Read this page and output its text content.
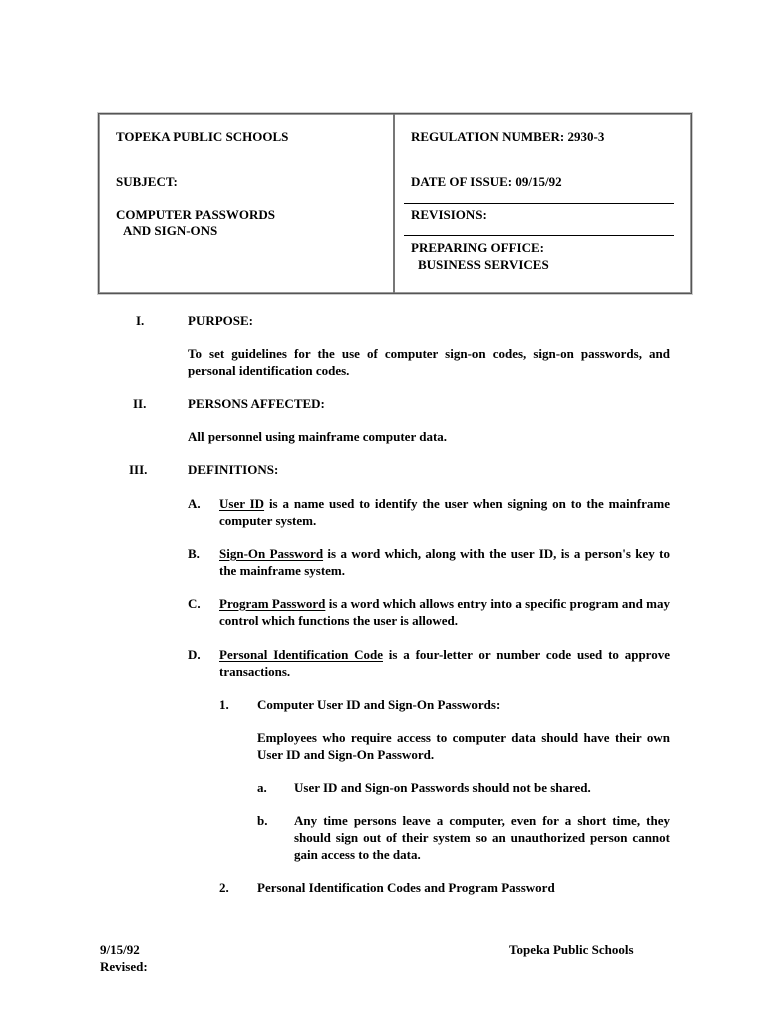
TOPEKA PUBLIC SCHOOLS	REGULATION NUMBER: 2930-3
SUBJECT:	DATE OF ISSUE: 09/15/92
COMPUTER PASSWORDS
AND SIGN-ONS
REVISIONS:
PREPARING OFFICE:
BUSINESS SERVICES
I.	PURPOSE:
To set guidelines for the use of computer sign-on codes, sign-on passwords, and personal identification codes.
II.	PERSONS AFFECTED:
All personnel using mainframe computer data.
III.	DEFINITIONS:
A. User ID is a name used to identify the user when signing on to the mainframe computer system.
B. Sign-On Password is a word which, along with the user ID, is a person's key to the mainframe system.
C. Program Password is a word which allows entry into a specific program and may control which functions the user is allowed.
D. Personal Identification Code is a four-letter or number code used to approve transactions.
1. Computer User ID and Sign-On Passwords:
Employees who require access to computer data should have their own User ID and Sign-On Password.
a. User ID and Sign-on Passwords should not be shared.
b. Any time persons leave a computer, even for a short time, they should sign out of their system so an unauthorized person cannot gain access to the data.
2. Personal Identification Codes and Program Password
9/15/92
Revised:
Topeka Public Schools
